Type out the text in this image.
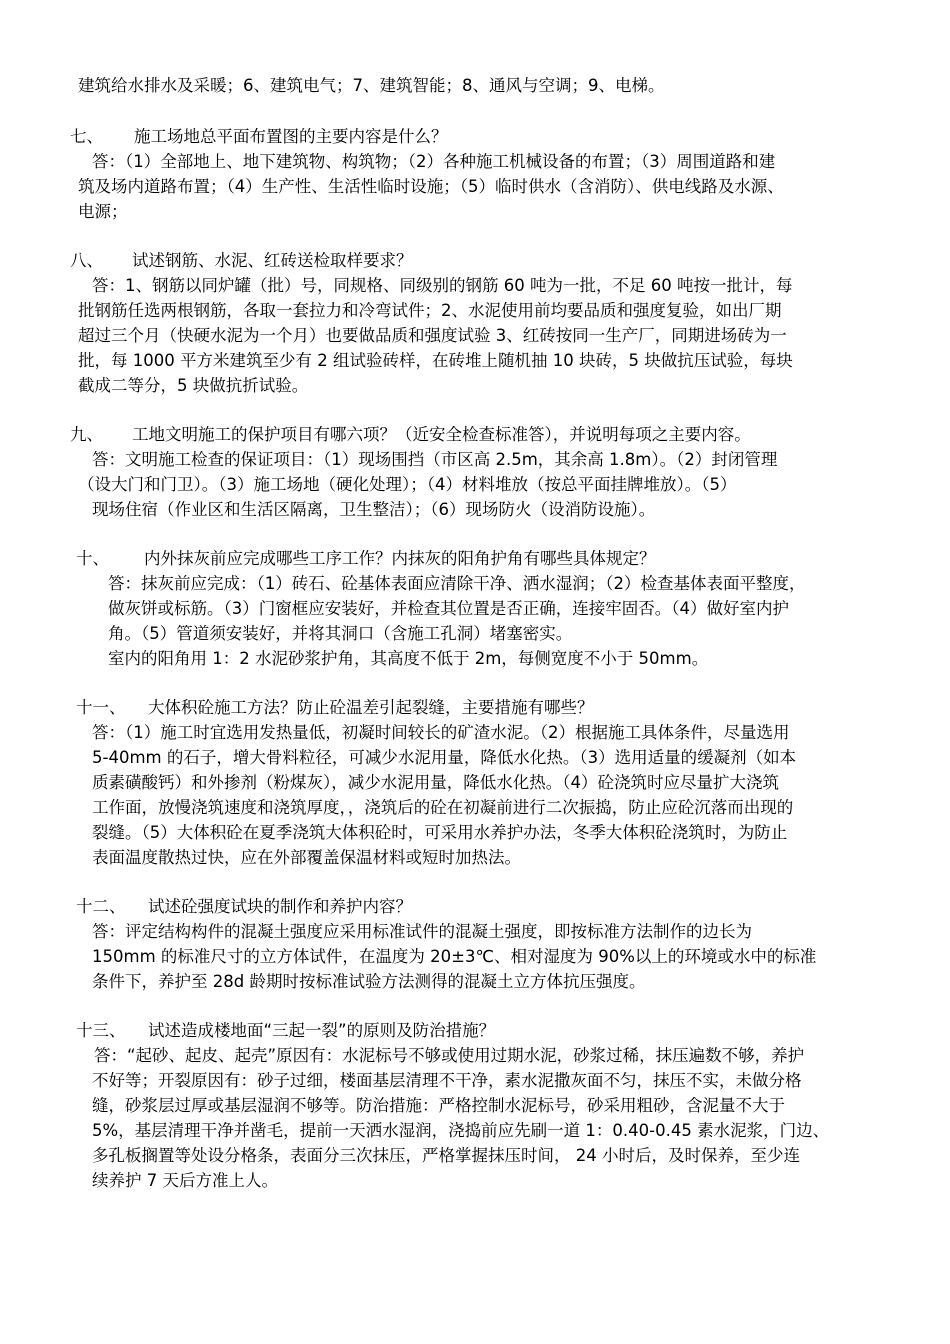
建筑给水排水及采暖；6、建筑电气；7、建筑智能；8、通风与空调；9、电梯。
七、 施工场地总平面布置图的主要内容是什么？
答：（1）全部地上、地下建筑物、构筑物；（2）各种施工机械设备的布置；（3）周围道路和建
筑及场内道路布置；（4）生产性、生活性临时设施；（5）临时供水（含消防）、供电线路及水源、
电源；
八、 试述钢筋、水泥、红砖送检取样要求？
答：1、钢筋以同炉罐（批）号，同规格、同级别的钢筋 60 吨为一批，不足 60 吨按一批计，每
批钢筋任选两根钢筋，各取一套拉力和冷弯试件；2、水泥使用前均要品质和强度复验，如出厂期
超过三个月（快硬水泥为一个月）也要做品质和强度试验 3、红砖按同一生产厂，同期进场砖为一
批，每 1000 平方米建筑至少有 2 组试验砖样，在砖堆上随机抽 10 块砖，5 块做抗压试验，每块
截成二等分，5 块做抗折试验。
九、 工地文明施工的保护项目有哪六项？（近安全检查标准答），并说明每项之主要内容。
答：文明施工检查的保证项目：（1）现场围挡（市区高 2.5m，其余高 1.8m）。（2）封闭管理
（设大门和门卫）。（3）施工场地（硬化处理）；（4）材料堆放（按总平面挂牌堆放）。（5）
现场住宿（作业区和生活区隔离，卫生整洁）；（6）现场防火（设消防设施）。
十、 内外抹灰前应完成哪些工序工作？内抹灰的阳角护角有哪些具体规定？
答：抹灰前应完成：（1）砖石、砼基体表面应清除干净、洒水湿润；（2）检查基体表面平整度，
做灰饼或标筋。（3）门窗框应安装好，并检查其位置是否正确，连接牢固否。（4）做好室内护
角。（5）管道须安装好，并将其洞口（含施工孔洞）堵塞密实。
室内的阳角用 1：2 水泥砂浆护角，其高度不低于 2m，每侧宽度不小于 50mm。
十一、 大体积砼施工方法？防止砼温差引起裂缝，主要措施有哪些？
答：（1）施工时宜选用发热量低，初凝时间较长的矿渣水泥。（2）根据施工具体条件，尽量选用
5-40mm 的石子，增大骨料粒径，可减少水泥用量，降低水化热。（3）选用适量的缓凝剂（如本
质素磺酸钙）和外掺剂（粉煤灰），减少水泥用量，降低水化热。（4）砼浇筑时应尽量扩大浇筑
工作面，放慢浇筑速度和浇筑厚度，，浇筑后的砼在初凝前进行二次振捣，防止应砼沉落而出现的
裂缝。（5）大体积砼在夏季浇筑大体积砼时，可采用水养护办法，冬季大体积砼浇筑时，为防止
表面温度散热过快，应在外部覆盖保温材料或短时加热法。
十二、 试述砼强度试块的制作和养护内容？
答：评定结构构件的混凝土强度应采用标准试件的混凝土强度，即按标准方法制作的边长为
150mm 的标准尺寸的立方体试件，在温度为 20±3℃、相对湿度为 90%以上的环境或水中的标准
条件下，养护至 28d 龄期时按标准试验方法测得的混凝土立方体抗压强度。
十三、 试述造成楼地面“三起一裂”的原则及防治措施？
答：“起砂、起皮、起壳”原因有：水泥标号不够或使用过期水泥，砂浆过稀，抹压遍数不够，养护
不好等；开裂原因有：砂子过细，楼面基层清理不干净，素水泥撒灰面不匀，抹压不实，未做分格
缝，砂浆层过厚或基层湿润不够等。防治措施：严格控制水泥标号，砂采用粗砂，含泥量不大于
5%，基层清理干净并凿毛，提前一天洒水湿润，浇捣前应先刷一道 1：0.40-0.45 素水泥浆，门边、
多孔板搁置等处设分格条，表面分三次抹压，严格掌握抹压时间， 24 小时后，及时保养，至少连
续养护 7 天后方准上人。
